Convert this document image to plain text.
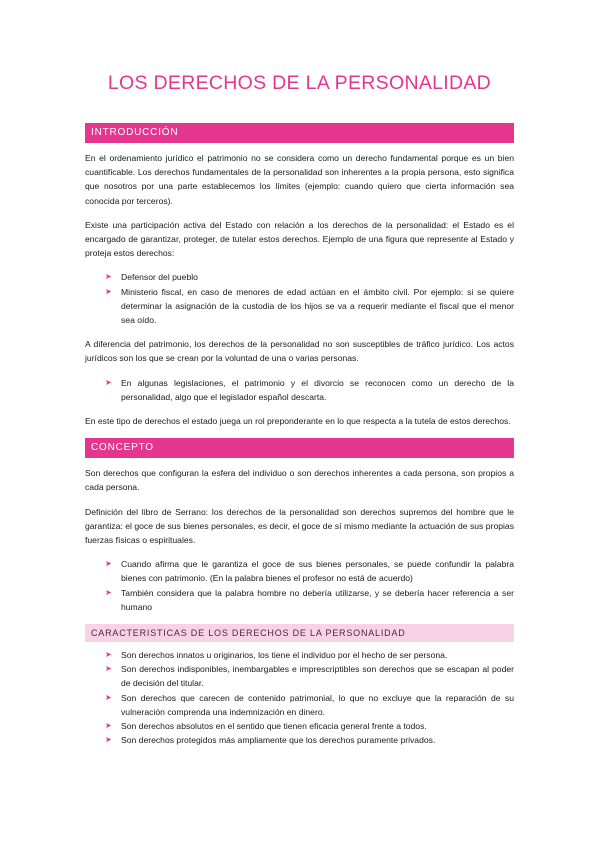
LOS DERECHOS DE LA PERSONALIDAD
INTRODUCCIÓN

En el ordenamiento jurídico el patrimonio no se considera como un derecho fundamental porque es un bien cuantificable. Los derechos fundamentales de la personalidad son inherentes a la propia persona, esto significa que nosotros por una parte establecemos los límites (ejemplo: cuando quiero que cierta información sea conocida por terceros).

Existe una participación activa del Estado con relación a los derechos de la personalidad: el Estado es el encargado de garantizar, proteger, de tutelar estos derechos. Ejemplo de una figura que represente al Estado y proteja estos derechos:

➤ Defensor del pueblo
➤ Ministerio fiscal, en caso de menores de edad actúan en el ámbito civil. Por ejemplo: si se quiere determinar la asignación de la custodia de los hijos se va a requerir mediante el fiscal que el menor sea oído.

A diferencia del patrimonio, los derechos de la personalidad no son susceptibles de tráfico jurídico. Los actos jurídicos son los que se crean por la voluntad de una o varias personas.

➤ En algunas legislaciones, el patrimonio y el divorcio se reconocen como un derecho de la personalidad, algo que el legislador español descarta.

En este tipo de derechos el estado juega un rol preponderante en lo que respecta a la tutela de estos derechos.

CONCEPTO

Son derechos que configuran la esfera del individuo o son derechos inherentes a cada persona, son propios a cada persona.

Definición del libro de Serrano: los derechos de la personalidad son derechos supremos del hombre que le garantiza: el goce de sus bienes personales, es decir, el goce de sí mismo mediante la actuación de sus propias fuerzas físicas o espirituales.

➤ Cuando afirma que le garantiza el goce de sus bienes personales, se puede confundir la palabra bienes con patrimonio. (En la palabra bienes el profesor no está de acuerdo)
➤ También considera que la palabra hombre no debería utilizarse, y se debería hacer referencia a ser humano
CARACTERISTICAS DE LOS DERECHOS DE LA PERSONALIDAD
➤ Son derechos innatos u originarios, los tiene el individuo por el hecho de ser persona.
➤ Son derechos indisponibles, inembargables e imprescriptibles son derechos que se escapan al poder de decisión del titular.
➤ Son derechos que carecen de contenido patrimonial, lo que no excluye que la reparación de su vulneración comprenda una indemnización en dinero.
➤ Son derechos absolutos en el sentido que tienen eficacia general frente a todos.
➤ Son derechos protegidos más ampliamente que los derechos puramente privados.
